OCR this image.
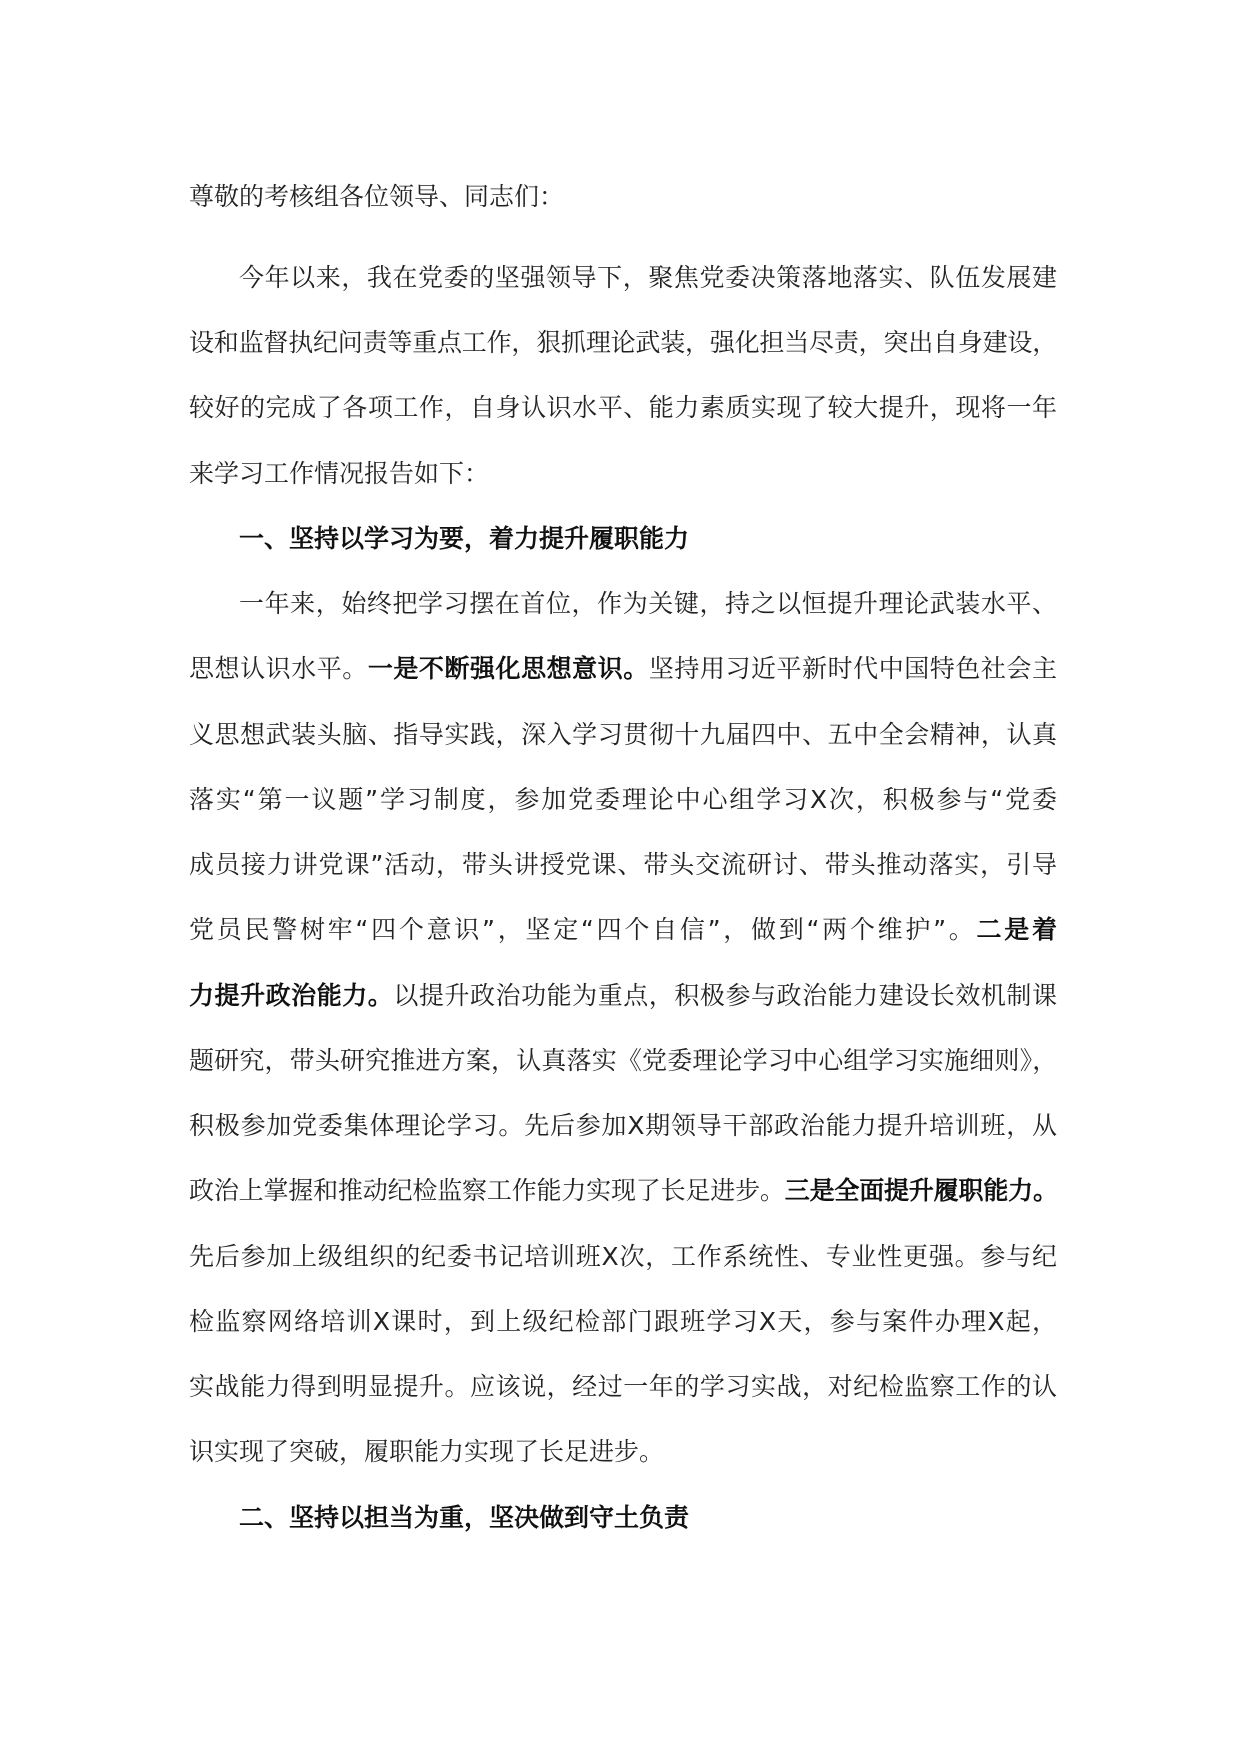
尊敬的考核组各位领导、同志们：
今年以来，我在党委的坚强领导下，聚焦党委决策落地落实、队伍发展建
设和监督执纪问责等重点工作，狠抓理论武装，强化担当尽责，突出自身建设，
较好的完成了各项工作，自身认识水平、能力素质实现了较大提升，现将一年
来学习工作情况报告如下：
一、坚持以学习为要，着力提升履职能力
一年来，始终把学习摆在首位，作为关键，持之以恒提升理论武装水平、
思想认识水平。一是不断强化思想意识。坚持用习近平新时代中国特色社会主
义思想武装头脑、指导实践，深入学习贯彻十九届四中、五中全会精神，认真
落实“第一议题”学习制度，参加党委理论中心组学习X次，积极参与“党委
成员接力讲党课”活动，带头讲授党课、带头交流研讨、带头推动落实，引导
党员民警树牢“四个意识”，坚定“四个自信”，做到“两个维护”。二是着
力提升政治能力。以提升政治功能为重点，积极参与政治能力建设长效机制课
题研究，带头研究推进方案，认真落实《党委理论学习中心组学习实施细则》，
积极参加党委集体理论学习。先后参加X期领导干部政治能力提升培训班，从
政治上掌握和推动纪检监察工作能力实现了长足进步。三是全面提升履职能力。
先后参加上级组织的纪委书记培训班X次，工作系统性、专业性更强。参与纪
检监察网络培训X课时，到上级纪检部门跟班学习X天，参与案件办理X起，
实战能力得到明显提升。应该说，经过一年的学习实战，对纪检监察工作的认
识实现了突破，履职能力实现了长足进步。
二、坚持以担当为重，坚决做到守土负责
